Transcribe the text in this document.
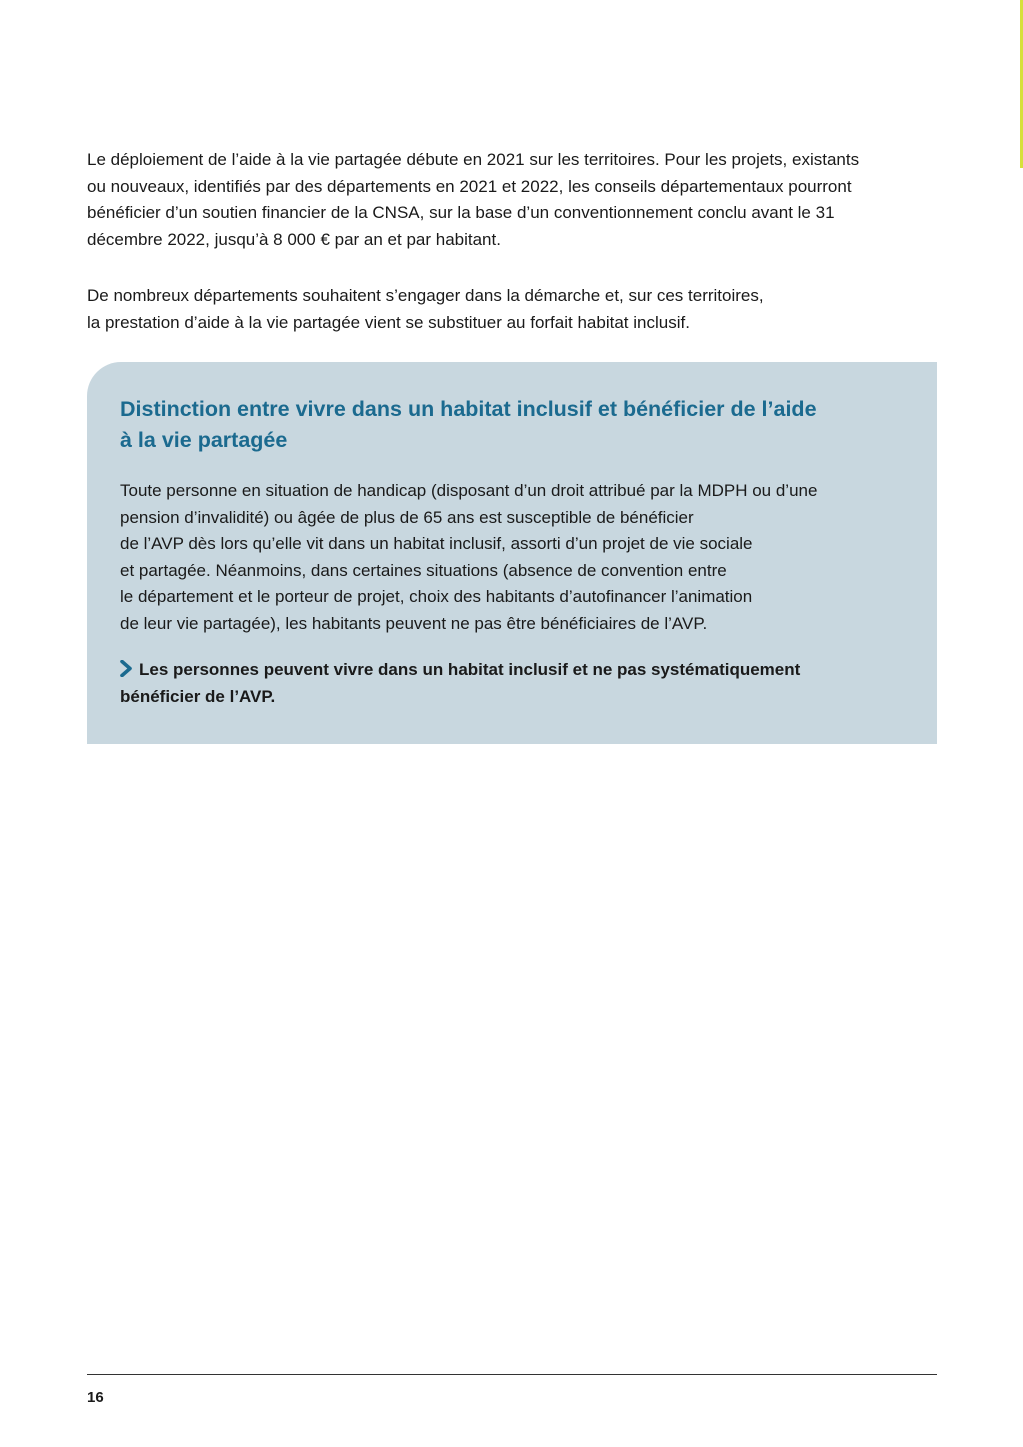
Le déploiement de l’aide à la vie partagée débute en 2021 sur les territoires. Pour les projets, existants
ou nouveaux, identifiés par des départements en 2021 et 2022, les conseils départementaux pourront
bénéficier d’un soutien financier de la CNSA, sur la base d’un conventionnement conclu avant le 31
décembre 2022, jusqu’à 8 000 € par an et par habitant.

De nombreux départements souhaitent s’engager dans la démarche et, sur ces territoires,
la prestation d’aide à la vie partagée vient se substituer au forfait habitat inclusif.

Distinction entre vivre dans un habitat inclusif et bénéficier de l’aide
à la vie partagée

Toute personne en situation de handicap (disposant d’un droit attribué par la MDPH ou d’une
pension d’invalidité) ou âgée de plus de 65 ans est susceptible de bénéficier
de l’AVP dès lors qu’elle vit dans un habitat inclusif, assorti d’un projet de vie sociale
et partagée. Néanmoins, dans certaines situations (absence de convention entre
le département et le porteur de projet, choix des habitants d’autofinancer l’animation
de leur vie partagée), les habitants peuvent ne pas être bénéficiaires de l’AVP.

Les personnes peuvent vivre dans un habitat inclusif et ne pas systématiquement
bénéficier de l’AVP.

16
